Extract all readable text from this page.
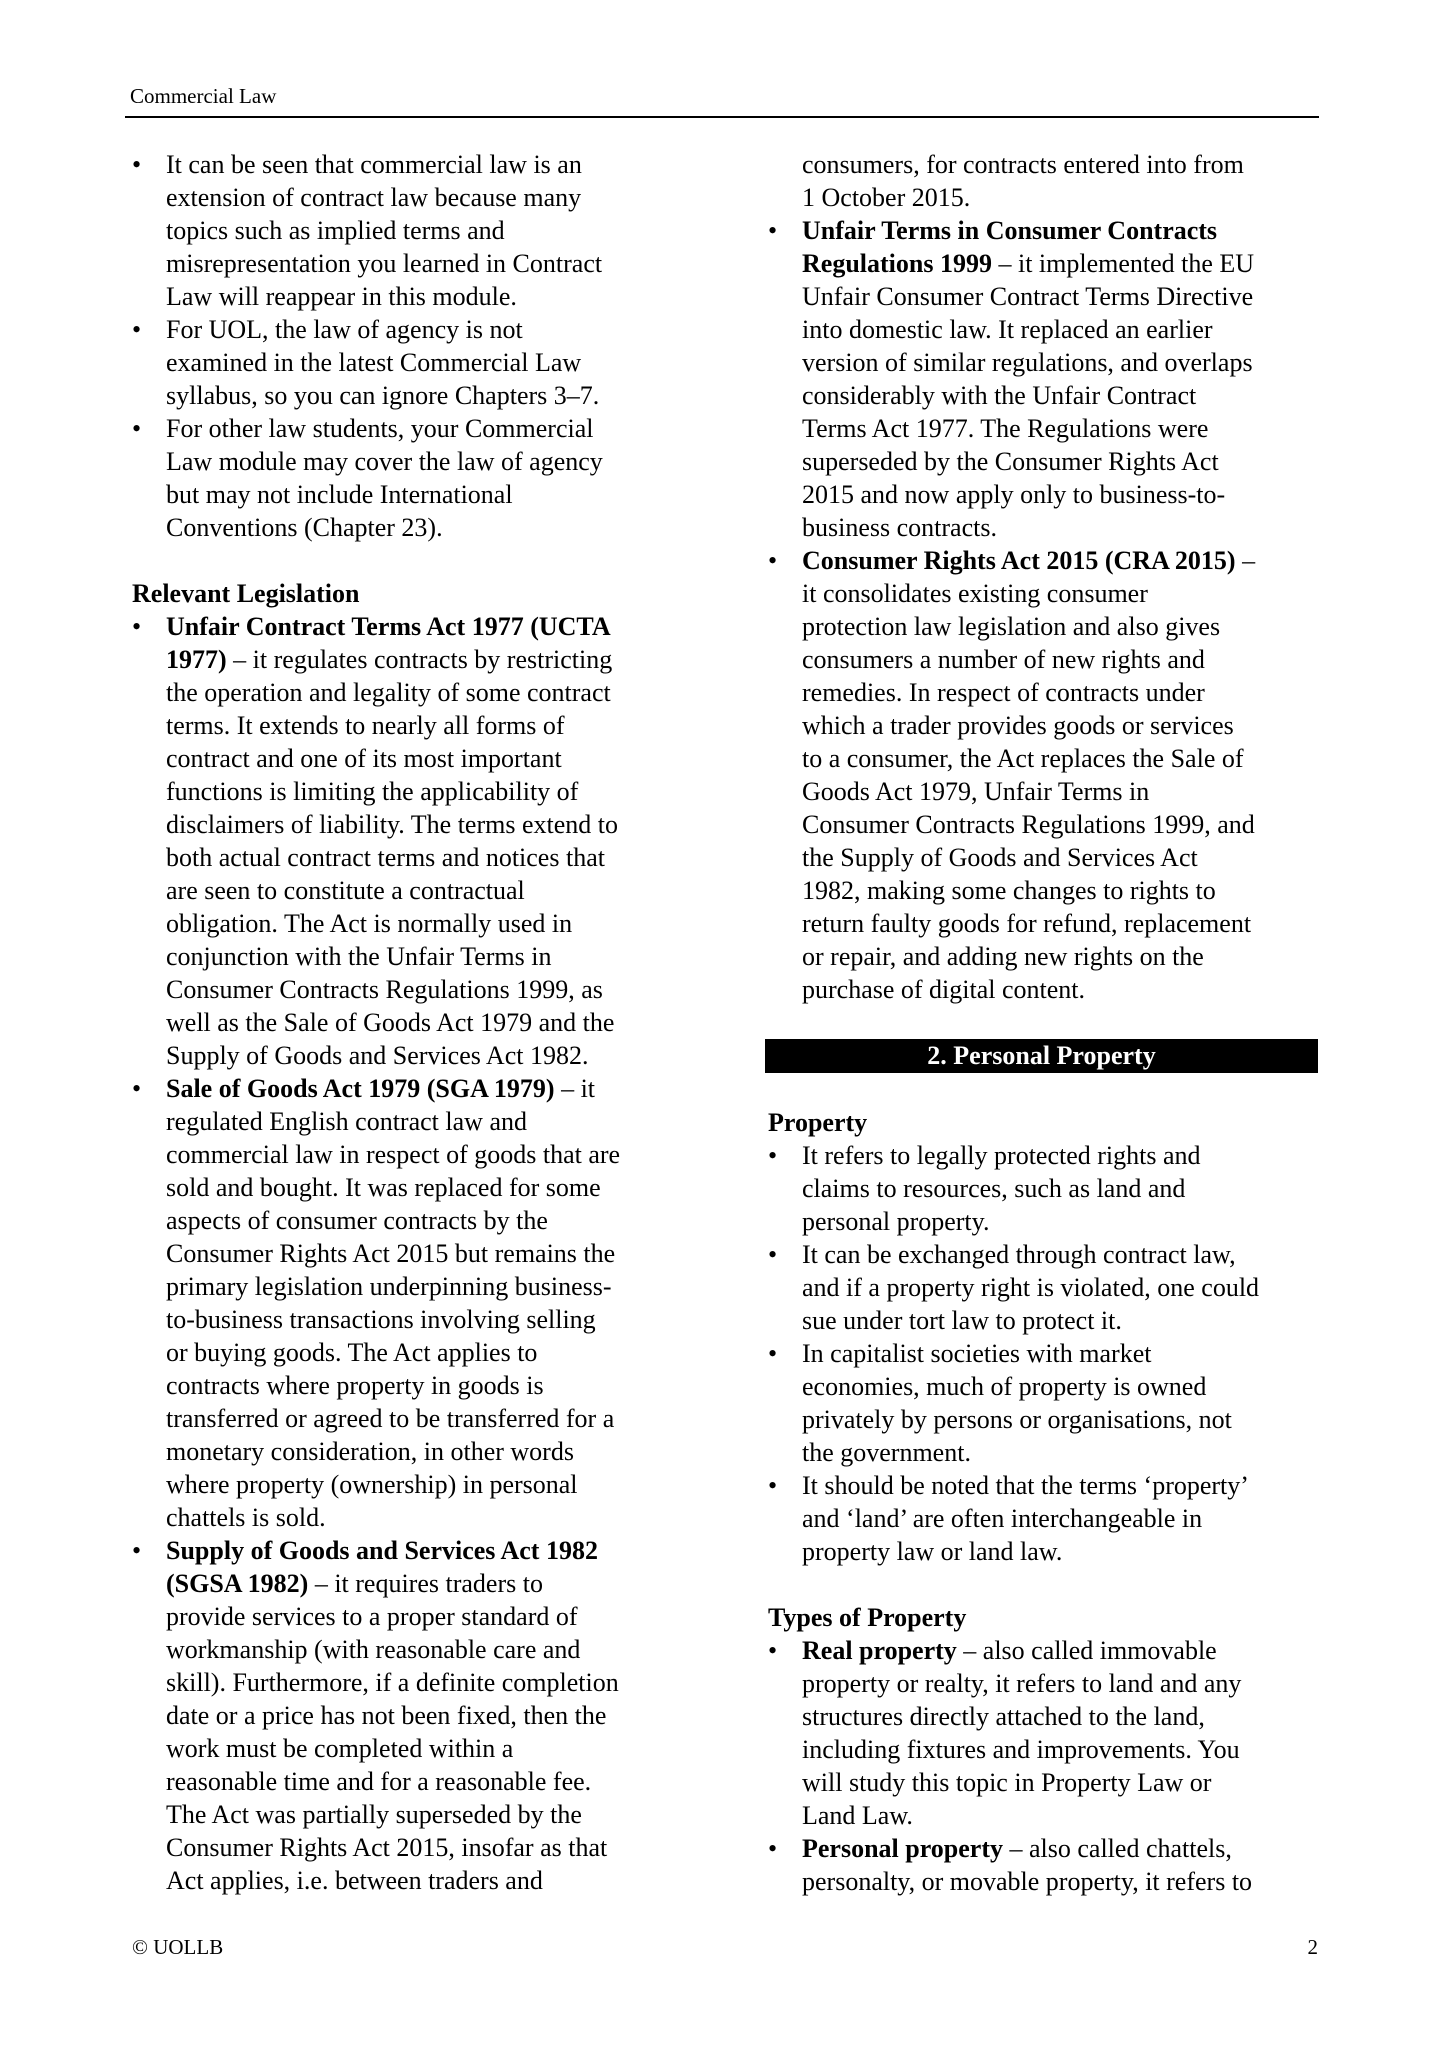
Commercial Law
• It can be seen that commercial law is an
extension of contract law because many
topics such as implied terms and
misrepresentation you learned in Contract
Law will reappear in this module.
• For UOL, the law of agency is not
examined in the latest Commercial Law
syllabus, so you can ignore Chapters 3–7.
• For other law students, your Commercial
Law module may cover the law of agency
but may not include International
Conventions (Chapter 23).
Relevant Legislation
• Unfair Contract Terms Act 1977 (UCTA
1977) – it regulates contracts by restricting
the operation and legality of some contract
terms. It extends to nearly all forms of
contract and one of its most important
functions is limiting the applicability of
disclaimers of liability. The terms extend to
both actual contract terms and notices that
are seen to constitute a contractual
obligation. The Act is normally used in
conjunction with the Unfair Terms in
Consumer Contracts Regulations 1999, as
well as the Sale of Goods Act 1979 and the
Supply of Goods and Services Act 1982.
• Sale of Goods Act 1979 (SGA 1979) – it
regulated English contract law and
commercial law in respect of goods that are
sold and bought. It was replaced for some
aspects of consumer contracts by the
Consumer Rights Act 2015 but remains the
primary legislation underpinning business-
to-business transactions involving selling
or buying goods. The Act applies to
contracts where property in goods is
transferred or agreed to be transferred for a
monetary consideration, in other words
where property (ownership) in personal
chattels is sold.
• Supply of Goods and Services Act 1982
(SGSA 1982) – it requires traders to
provide services to a proper standard of
workmanship (with reasonable care and
skill). Furthermore, if a definite completion
date or a price has not been fixed, then the
work must be completed within a
reasonable time and for a reasonable fee.
The Act was partially superseded by the
Consumer Rights Act 2015, insofar as that
Act applies, i.e. between traders and
consumers, for contracts entered into from
1 October 2015.
• Unfair Terms in Consumer Contracts
Regulations 1999 – it implemented the EU
Unfair Consumer Contract Terms Directive
into domestic law. It replaced an earlier
version of similar regulations, and overlaps
considerably with the Unfair Contract
Terms Act 1977. The Regulations were
superseded by the Consumer Rights Act
2015 and now apply only to business-to-
business contracts.
• Consumer Rights Act 2015 (CRA 2015) –
it consolidates existing consumer
protection law legislation and also gives
consumers a number of new rights and
remedies. In respect of contracts under
which a trader provides goods or services
to a consumer, the Act replaces the Sale of
Goods Act 1979, Unfair Terms in
Consumer Contracts Regulations 1999, and
the Supply of Goods and Services Act
1982, making some changes to rights to
return faulty goods for refund, replacement
or repair, and adding new rights on the
purchase of digital content.
2. Personal Property
Property
• It refers to legally protected rights and
claims to resources, such as land and
personal property.
• It can be exchanged through contract law,
and if a property right is violated, one could
sue under tort law to protect it.
• In capitalist societies with market
economies, much of property is owned
privately by persons or organisations, not
the government.
• It should be noted that the terms ‘property’
and ‘land’ are often interchangeable in
property law or land law.
Types of Property
• Real property – also called immovable
property or realty, it refers to land and any
structures directly attached to the land,
including fixtures and improvements. You
will study this topic in Property Law or
Land Law.
• Personal property – also called chattels,
personalty, or movable property, it refers to
© UOLLB	2
